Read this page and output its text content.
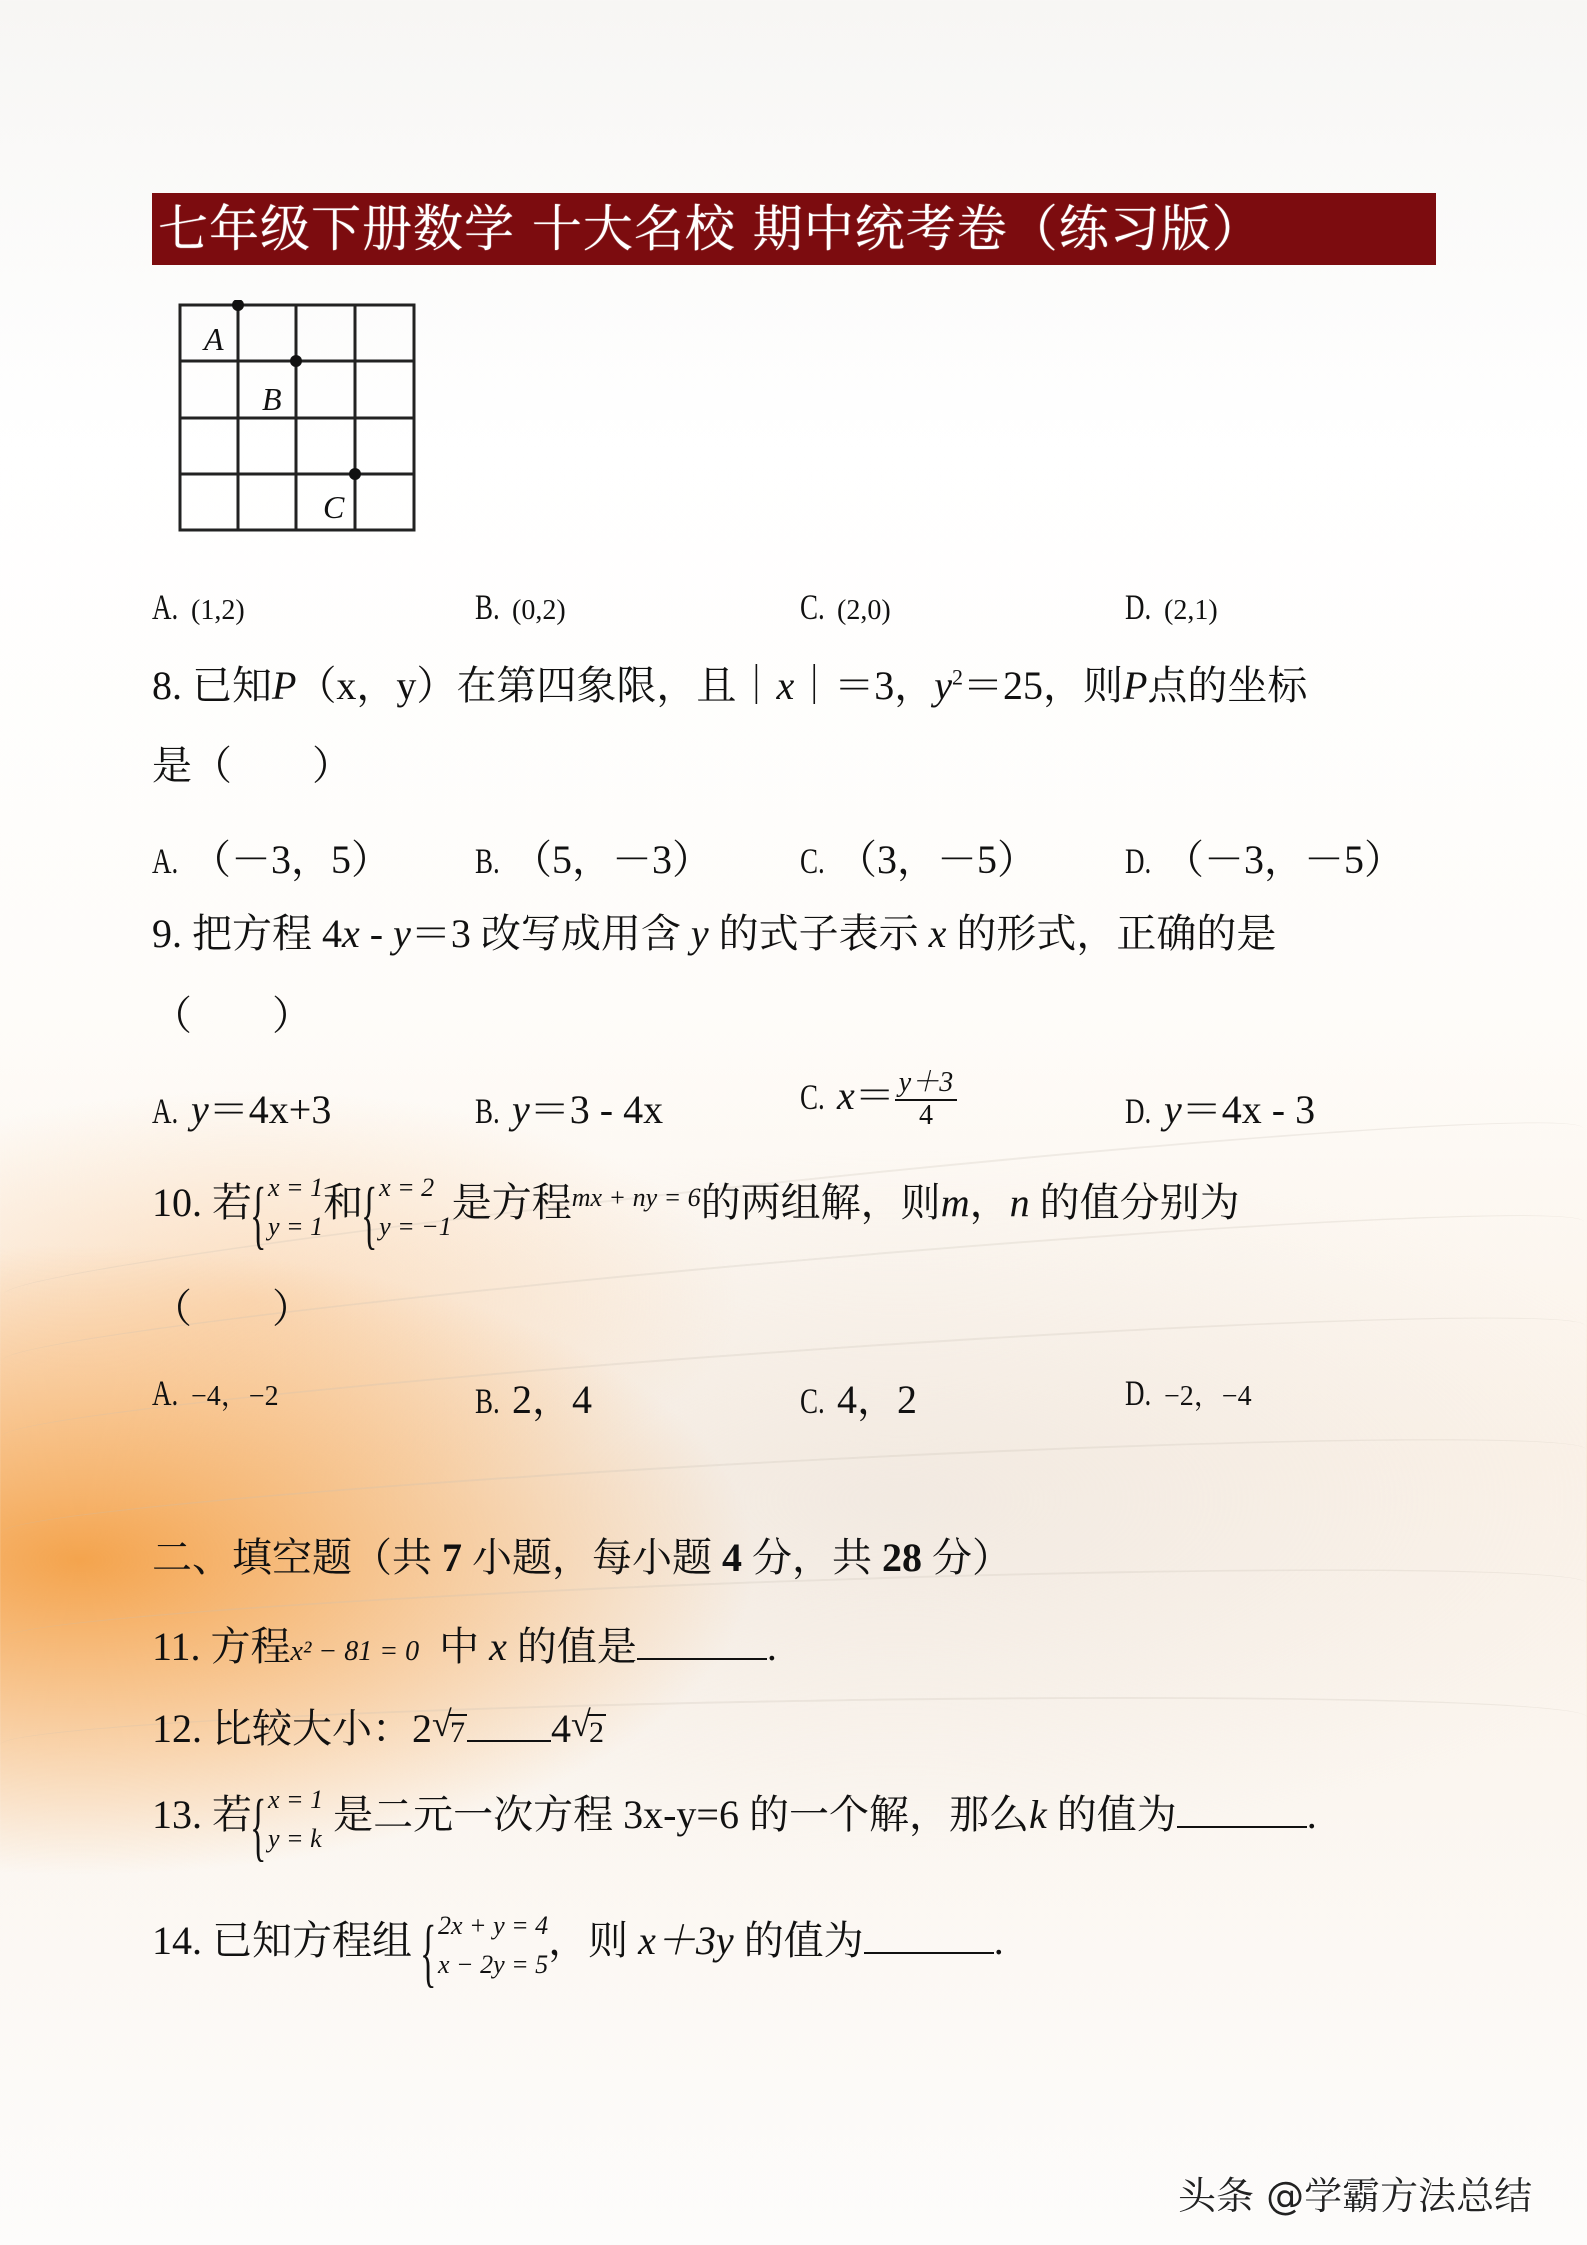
七年级下册数学 十大名校 期中统考卷（练习版）
A
B
C
A. (1,2)	B. (0,2)	C. (2,0)	D. (2,1)
8. 已知P（x，y）在第四象限，且｜x｜＝3，$y^2=25$，则P点的坐标
是（　　）
A. （－3，5） B. （5，－3） C. （3，－5） D. （－3，－5）
9. 把方程 4x - y＝3 改写成用含 y 的式子表示 x 的形式，正确的是
（　　）
A. y＝4x+3	B. y＝3 - 4x	C. $x= \frac{y+3}{4}$	D. y＝4x - 3
10. 若 { x = 1
y = 1
和 { x = 2
y = −1
是方程$^{mx + ny = 6}$的两组解，则m，n 的值分别为
（　　）
A. −4，−2	B. 2，4	C. 4，2	D. −2，−4
二、填空题（共 7 小题，每小题 4 分，共 28 分）
11. 方程x² − 81 = 0 中 x 的值是	.
12. 比较大小：2 √ 7 4 √ 2
13. 若 { x = 1
y = k
是二元一次方程 3x-y=6 的一个解，那么k 的值为	.
14. 已知方程组 { 2x + y = 4
x − 2y = 5
，则 x＋3y 的值为	.
头条 @学霸方法总结
